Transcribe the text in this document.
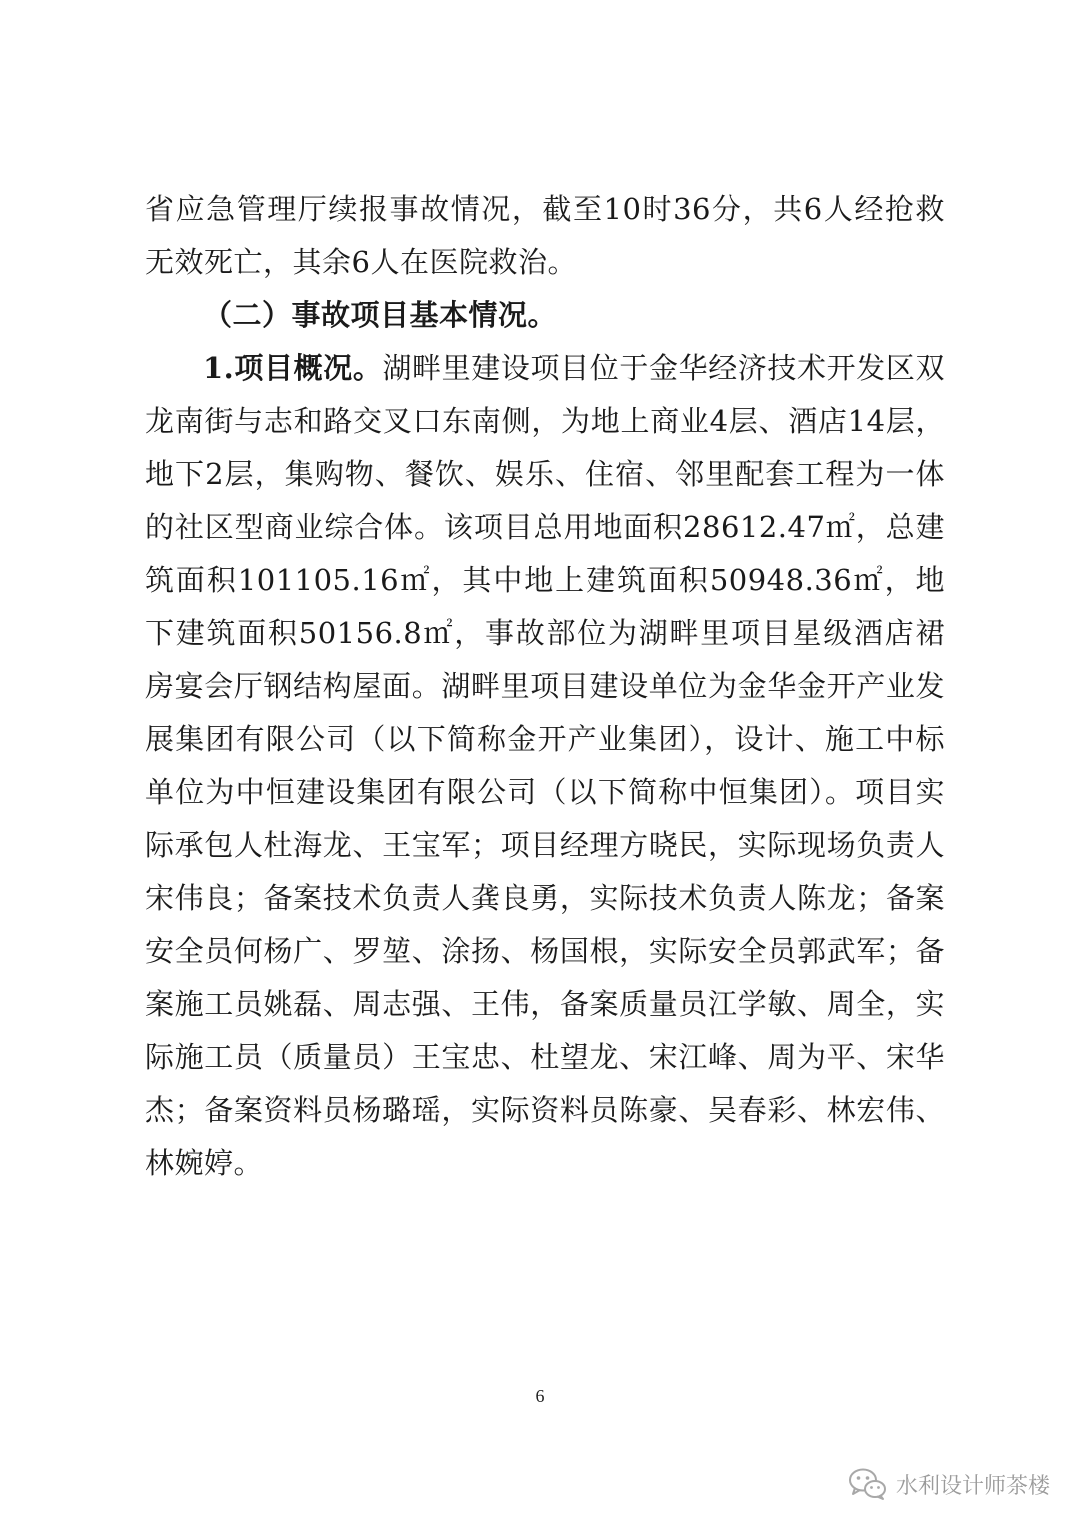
省应急管理厅续报事故情况，截至10时36分，共6人经抢救无效死亡，其余6人在医院救治。

（二）事故项目基本情况。

1.项目概况。湖畔里建设项目位于金华经济技术开发区双龙南街与志和路交叉口东南侧，为地上商业4层、酒店14层，地下2层，集购物、餐饮、娱乐、住宿、邻里配套工程为一体的社区型商业综合体。该项目总用地面积28612.47㎡，总建筑面积101105.16㎡，其中地上建筑面积50948.36㎡，地下建筑面积50156.8㎡，事故部位为湖畔里项目星级酒店裙房宴会厅钢结构屋面。湖畔里项目建设单位为金华金开产业发展集团有限公司（以下简称金开产业集团），设计、施工中标单位为中恒建设集团有限公司（以下简称中恒集团）。项目实际承包人杜海龙、王宝军；项目经理方晓民，实际现场负责人宋伟良；备案技术负责人龚良勇，实际技术负责人陈龙；备案安全员何杨广、罗堃、涂扬、杨国根，实际安全员郭武军；备案施工员姚磊、周志强、王伟，备案质量员江学敏、周全，实际施工员（质量员）王宝忠、杜望龙、宋江峰、周为平、宋华杰；备案资料员杨璐瑶，实际资料员陈豪、吴春彩、林宏伟、林婉婷。

6
水利设计师茶楼
